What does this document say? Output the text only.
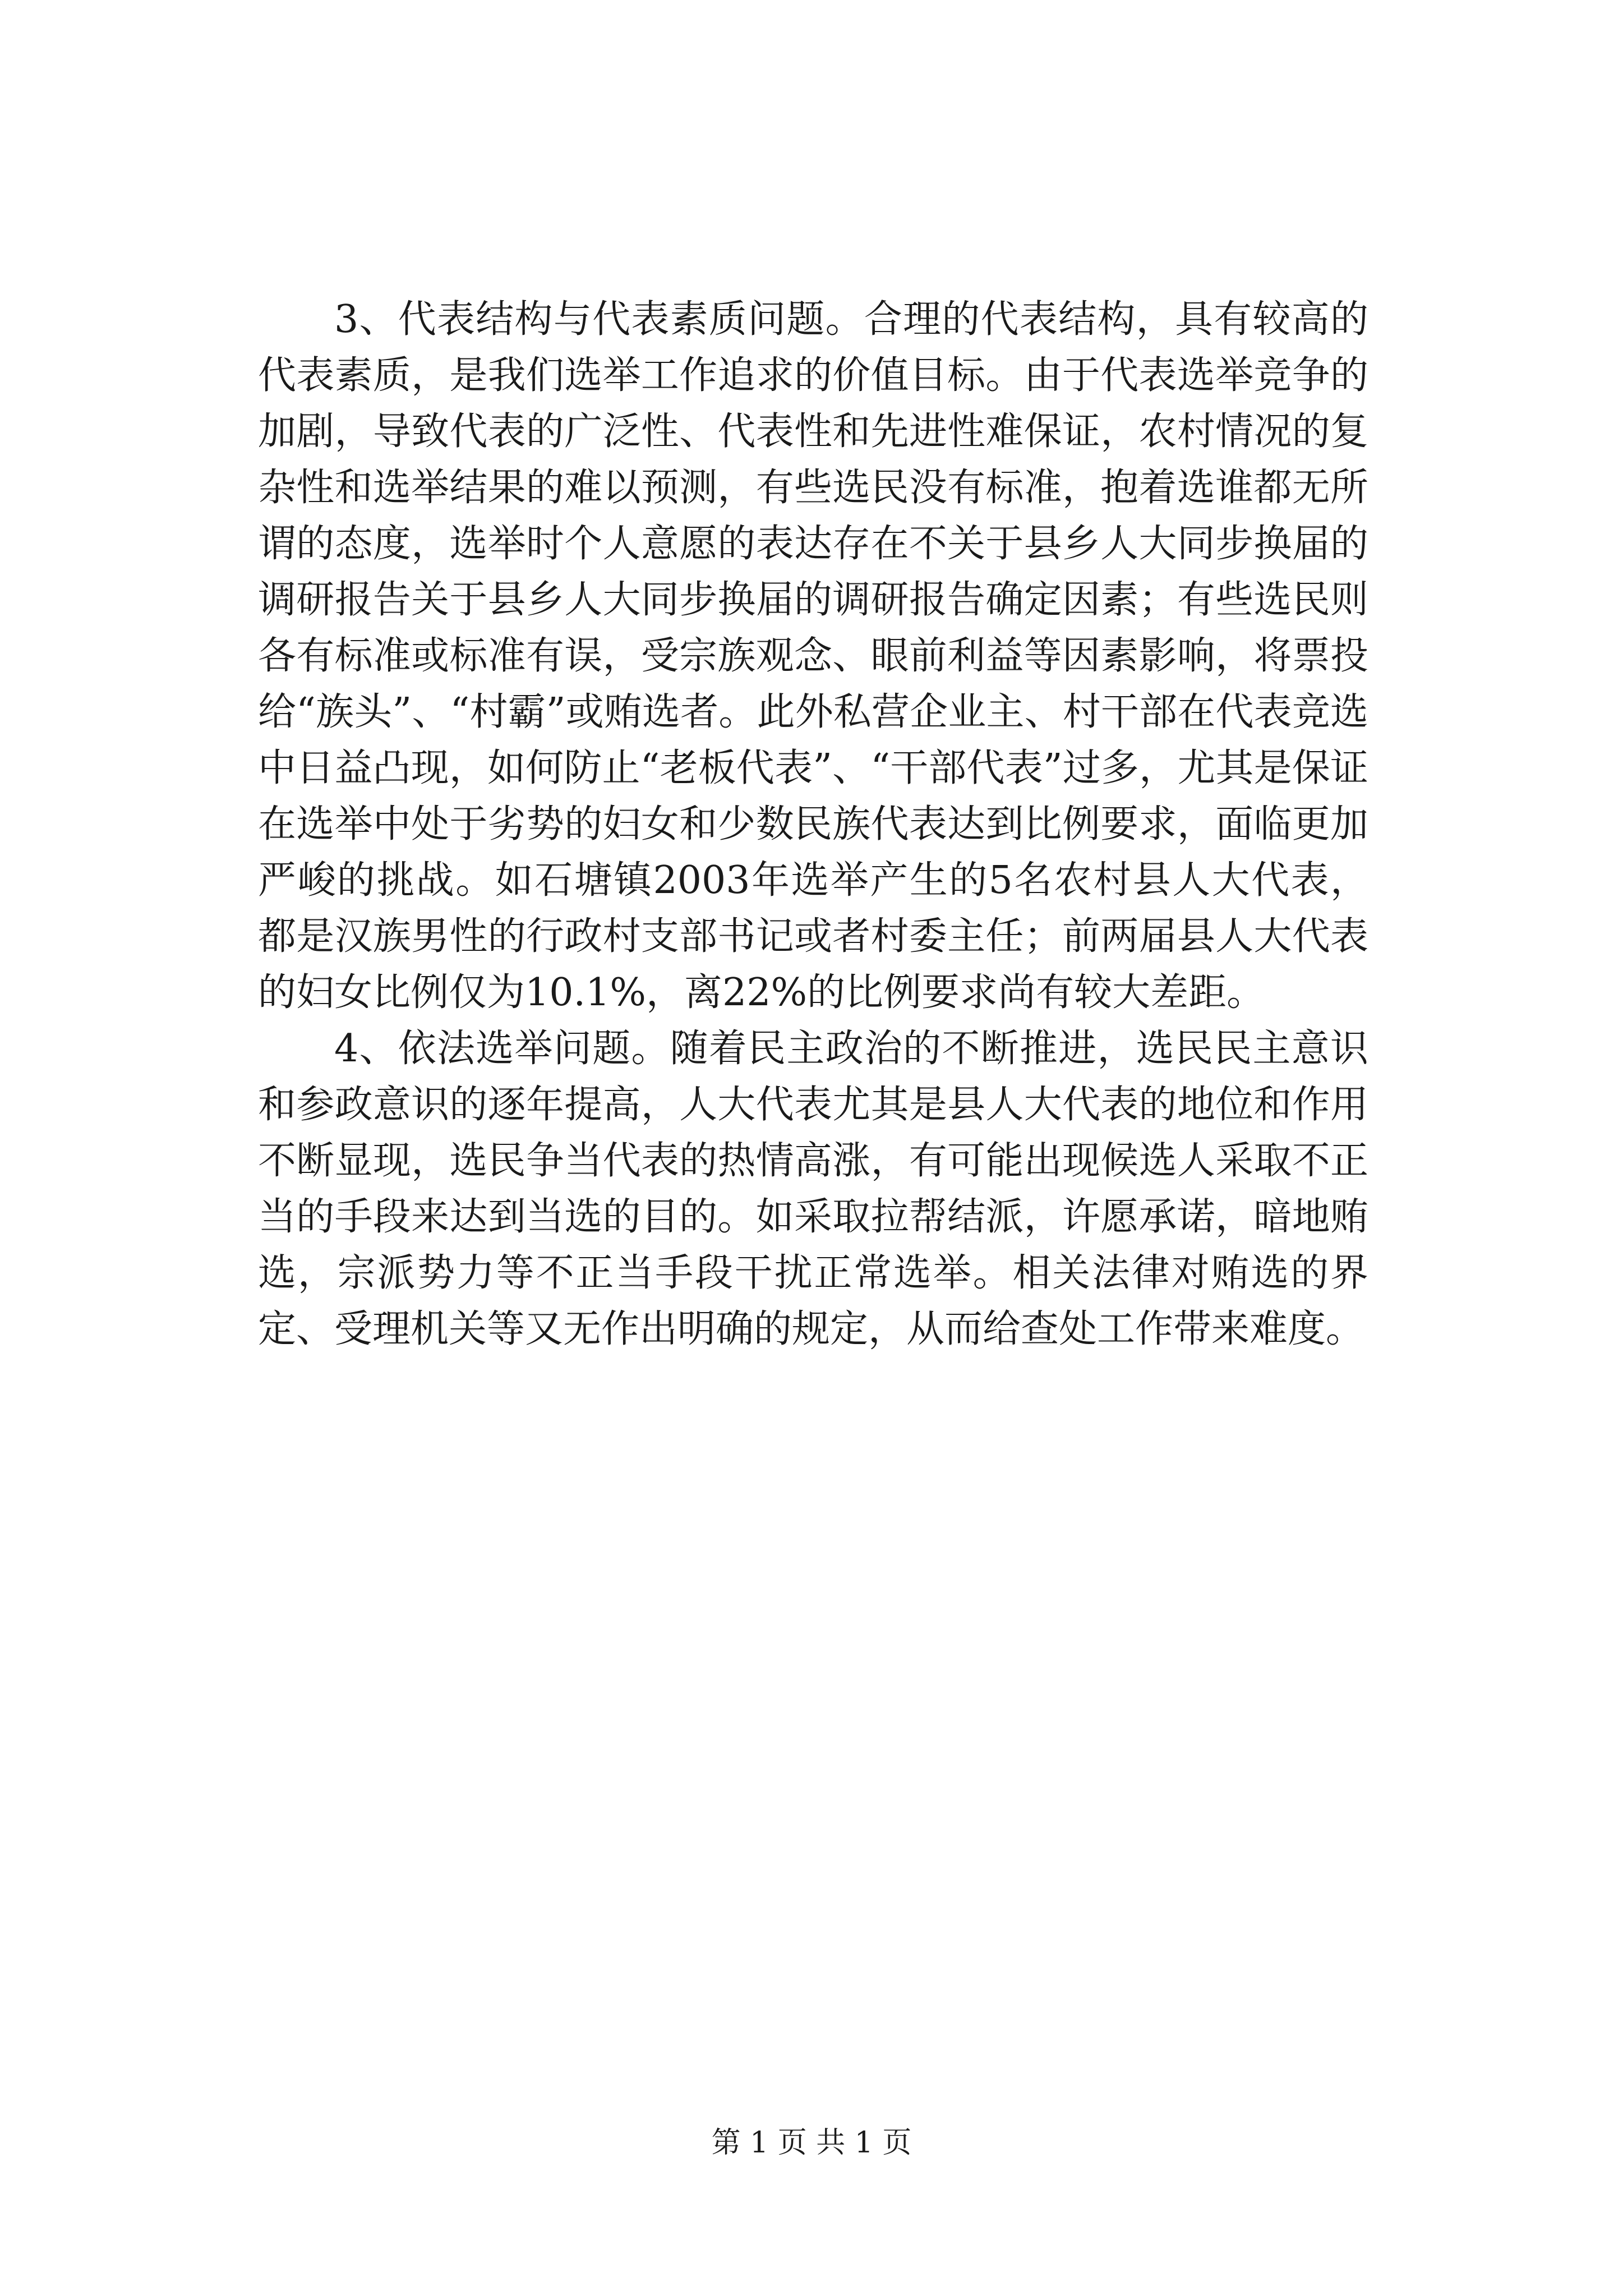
3、代表结构与代表素质问题。合理的代表结构，具有较高的代表素质，是我们选举工作追求的价值目标。由于代表选举竞争的加剧，导致代表的广泛性、代表性和先进性难保证，农村情况的复杂性和选举结果的难以预测，有些选民没有标准，抱着选谁都无所谓的态度，选举时个人意愿的表达存在不关于县乡人大同步换届的调研报告关于县乡人大同步换届的调研报告确定因素；有些选民则各有标准或标准有误，受宗族观念、眼前利益等因素影响，将票投给“族头”、“村霸”或贿选者。此外私营企业主、村干部在代表竞选中日益凸现，如何防止“老板代表”、“干部代表”过多，尤其是保证在选举中处于劣势的妇女和少数民族代表达到比例要求，面临更加严峻的挑战。如石塘镇2003年选举产生的5名农村县人大代表，都是汉族男性的行政村支部书记或者村委主任；前两届县人大代表的妇女比例仅为10.1%，离22%的比例要求尚有较大差距。

4、依法选举问题。随着民主政治的不断推进，选民民主意识和参政意识的逐年提高，人大代表尤其是县人大代表的地位和作用不断显现，选民争当代表的热情高涨，有可能出现候选人采取不正当的手段来达到当选的目的。如采取拉帮结派，许愿承诺，暗地贿选，宗派势力等不正当手段干扰正常选举。相关法律对贿选的界定、受理机关等又无作出明确的规定，从而给查处工作带来难度。

第 1 页 共 1 页
